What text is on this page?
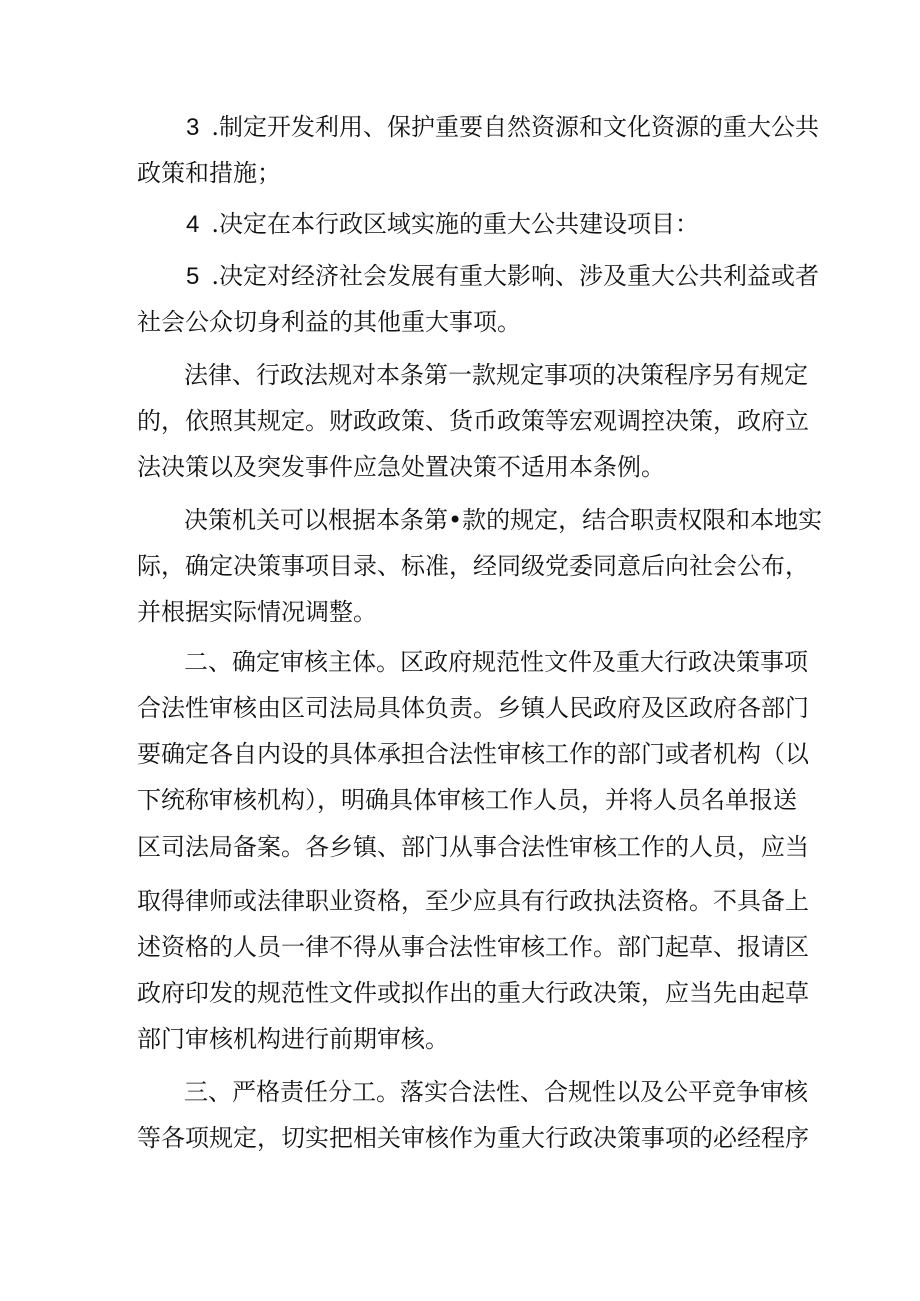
3 .制定开发利用、保护重要自然资源和文化资源的重大公共

政策和措施；

4 .决定在本行政区域实施的重大公共建设项目：

5 .决定对经济社会发展有重大影响、涉及重大公共利益或者

社会公众切身利益的其他重大事项。

法律、行政法规对本条第一款规定事项的决策程序另有规定

的，依照其规定。财政政策、货币政策等宏观调控决策，政府立

法决策以及突发事件应急处置决策不适用本条例。

决策机关可以根据本条第•款的规定，结合职责权限和本地实

际，确定决策事项目录、标准，经同级党委同意后向社会公布，

并根据实际情况调整。

二、确定审核主体。区政府规范性文件及重大行政决策事项

合法性审核由区司法局具体负责。乡镇人民政府及区政府各部门

要确定各自内设的具体承担合法性审核工作的部门或者机构（以

下统称审核机构），明确具体审核工作人员，并将人员名单报送

区司法局备案。各乡镇、部门从事合法性审核工作的人员，应当

取得律师或法律职业资格，至少应具有行政执法资格。不具备上

述资格的人员一律不得从事合法性审核工作。部门起草、报请区

政府印发的规范性文件或拟作出的重大行政决策，应当先由起草

部门审核机构进行前期审核。

三、严格责任分工。落实合法性、合规性以及公平竞争审核

等各项规定，切实把相关审核作为重大行政决策事项的必经程序
